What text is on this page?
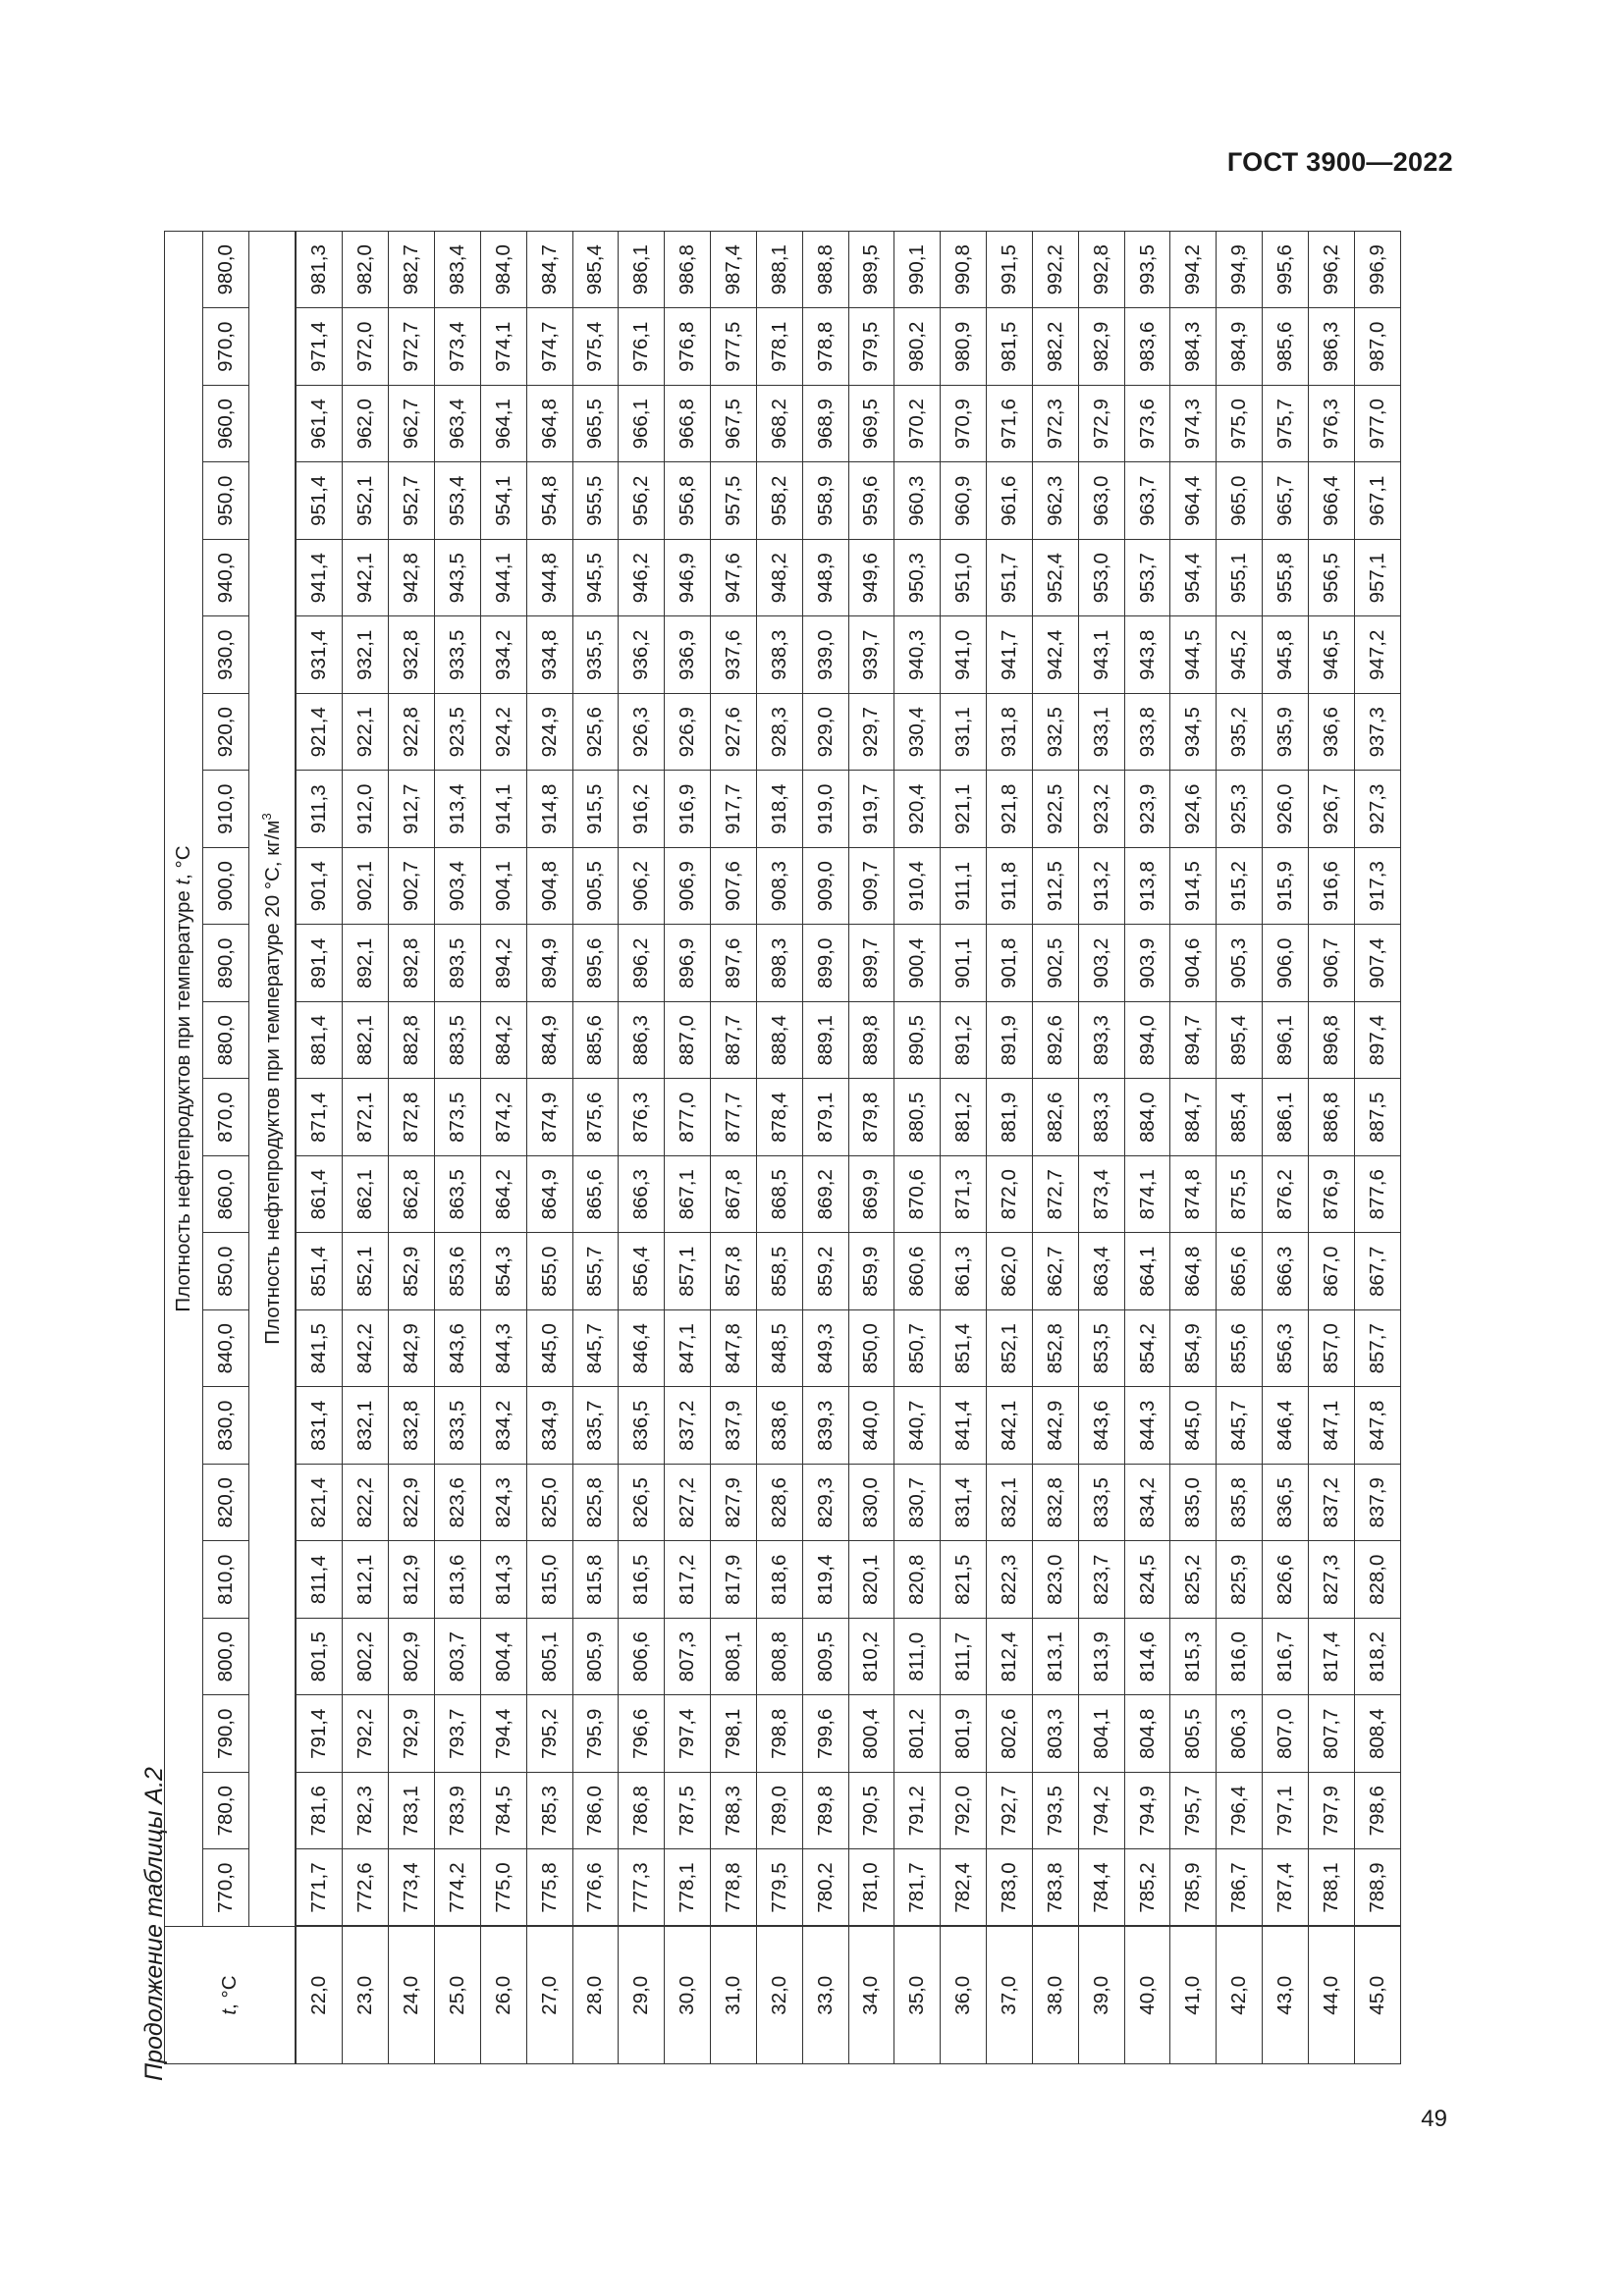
ГОСТ 3900—2022
Продолжение таблицы А.2
49
t, °C	Плотность нефтепродуктов при температуре t, °C																					
	770,0	780,0	790,0	800,0	810,0	820,0	830,0	840,0	850,0	860,0	870,0	880,0	890,0	900,0	910,0	920,0	930,0	940,0	950,0	960,0	970,0	980,0
	Плотность нефтепродуктов при температуре 20 °С, $кг/м^3$
22,0	771,7	781,6	791,4	801,5	811,4	821,4	831,4	841,5	851,4	861,4	871,4	881,4	891,4	901,4	911,3	921,4	931,4	941,4	951,4	961,4	971,4	981,3
23,0	772,6	782,3	792,2	802,2	812,1	822,2	832,1	842,2	852,1	862,1	872,1	882,1	892,1	902,1	912,0	922,1	932,1	942,1	952,1	962,0	972,0	982,0
24,0	773,4	783,1	792,9	802,9	812,9	822,9	832,8	842,9	852,9	862,8	872,8	882,8	892,8	902,7	912,7	922,8	932,8	942,8	952,7	962,7	972,7	982,7
25,0	774,2	783,9	793,7	803,7	813,6	823,6	833,5	843,6	853,6	863,5	873,5	883,5	893,5	903,4	913,4	923,5	933,5	943,5	953,4	963,4	973,4	983,4
26,0	775,0	784,5	794,4	804,4	814,3	824,3	834,2	844,3	854,3	864,2	874,2	884,2	894,2	904,1	914,1	924,2	934,2	944,1	954,1	964,1	974,1	984,0
27,0	775,8	785,3	795,2	805,1	815,0	825,0	834,9	845,0	855,0	864,9	874,9	884,9	894,9	904,8	914,8	924,9	934,8	944,8	954,8	964,8	974,7	984,7
28,0	776,6	786,0	795,9	805,9	815,8	825,8	835,7	845,7	855,7	865,6	875,6	885,6	895,6	905,5	915,5	925,6	935,5	945,5	955,5	965,5	975,4	985,4
29,0	777,3	786,8	796,6	806,6	816,5	826,5	836,5	846,4	856,4	866,3	876,3	886,3	896,2	906,2	916,2	926,3	936,2	946,2	956,2	966,1	976,1	986,1
30,0	778,1	787,5	797,4	807,3	817,2	827,2	837,2	847,1	857,1	867,1	877,0	887,0	896,9	906,9	916,9	926,9	936,9	946,9	956,8	966,8	976,8	986,8
31,0	778,8	788,3	798,1	808,1	817,9	827,9	837,9	847,8	857,8	867,8	877,7	887,7	897,6	907,6	917,7	927,6	937,6	947,6	957,5	967,5	977,5	987,4
32,0	779,5	789,0	798,8	808,8	818,6	828,6	838,6	848,5	858,5	868,5	878,4	888,4	898,3	908,3	918,4	928,3	938,3	948,2	958,2	968,2	978,1	988,1
33,0	780,2	789,8	799,6	809,5	819,4	829,3	839,3	849,3	859,2	869,2	879,1	889,1	899,0	909,0	919,0	929,0	939,0	948,9	958,9	968,9	978,8	988,8
34,0	781,0	790,5	800,4	810,2	820,1	830,0	840,0	850,0	859,9	869,9	879,8	889,8	899,7	909,7	919,7	929,7	939,7	949,6	959,6	969,5	979,5	989,5
35,0	781,7	791,2	801,2	811,0	820,8	830,7	840,7	850,7	860,6	870,6	880,5	890,5	900,4	910,4	920,4	930,4	940,3	950,3	960,3	970,2	980,2	990,1
36,0	782,4	792,0	801,9	811,7	821,5	831,4	841,4	851,4	861,3	871,3	881,2	891,2	901,1	911,1	921,1	931,1	941,0	951,0	960,9	970,9	980,9	990,8
37,0	783,0	792,7	802,6	812,4	822,3	832,1	842,1	852,1	862,0	872,0	881,9	891,9	901,8	911,8	921,8	931,8	941,7	951,7	961,6	971,6	981,5	991,5
38,0	783,8	793,5	803,3	813,1	823,0	832,8	842,9	852,8	862,7	872,7	882,6	892,6	902,5	912,5	922,5	932,5	942,4	952,4	962,3	972,3	982,2	992,2
39,0	784,4	794,2	804,1	813,9	823,7	833,5	843,6	853,5	863,4	873,4	883,3	893,3	903,2	913,2	923,2	933,1	943,1	953,0	963,0	972,9	982,9	992,8
40,0	785,2	794,9	804,8	814,6	824,5	834,2	844,3	854,2	864,1	874,1	884,0	894,0	903,9	913,8	923,9	933,8	943,8	953,7	963,7	973,6	983,6	993,5
41,0	785,9	795,7	805,5	815,3	825,2	835,0	845,0	854,9	864,8	874,8	884,7	894,7	904,6	914,5	924,6	934,5	944,5	954,4	964,4	974,3	984,3	994,2
42,0	786,7	796,4	806,3	816,0	825,9	835,8	845,7	855,6	865,6	875,5	885,4	895,4	905,3	915,2	925,3	935,2	945,2	955,1	965,0	975,0	984,9	994,9
43,0	787,4	797,1	807,0	816,7	826,6	836,5	846,4	856,3	866,3	876,2	886,1	896,1	906,0	915,9	926,0	935,9	945,8	955,8	965,7	975,7	985,6	995,6
44,0	788,1	797,9	807,7	817,4	827,3	837,2	847,1	857,0	867,0	876,9	886,8	896,8	906,7	916,6	926,7	936,6	946,5	956,5	966,4	976,3	986,3	996,2
45,0	788,9	798,6	808,4	818,2	828,0	837,9	847,8	857,7	867,7	877,6	887,5	897,4	907,4	917,3	927,3	937,3	947,2	957,1	967,1	977,0	987,0	996,9
